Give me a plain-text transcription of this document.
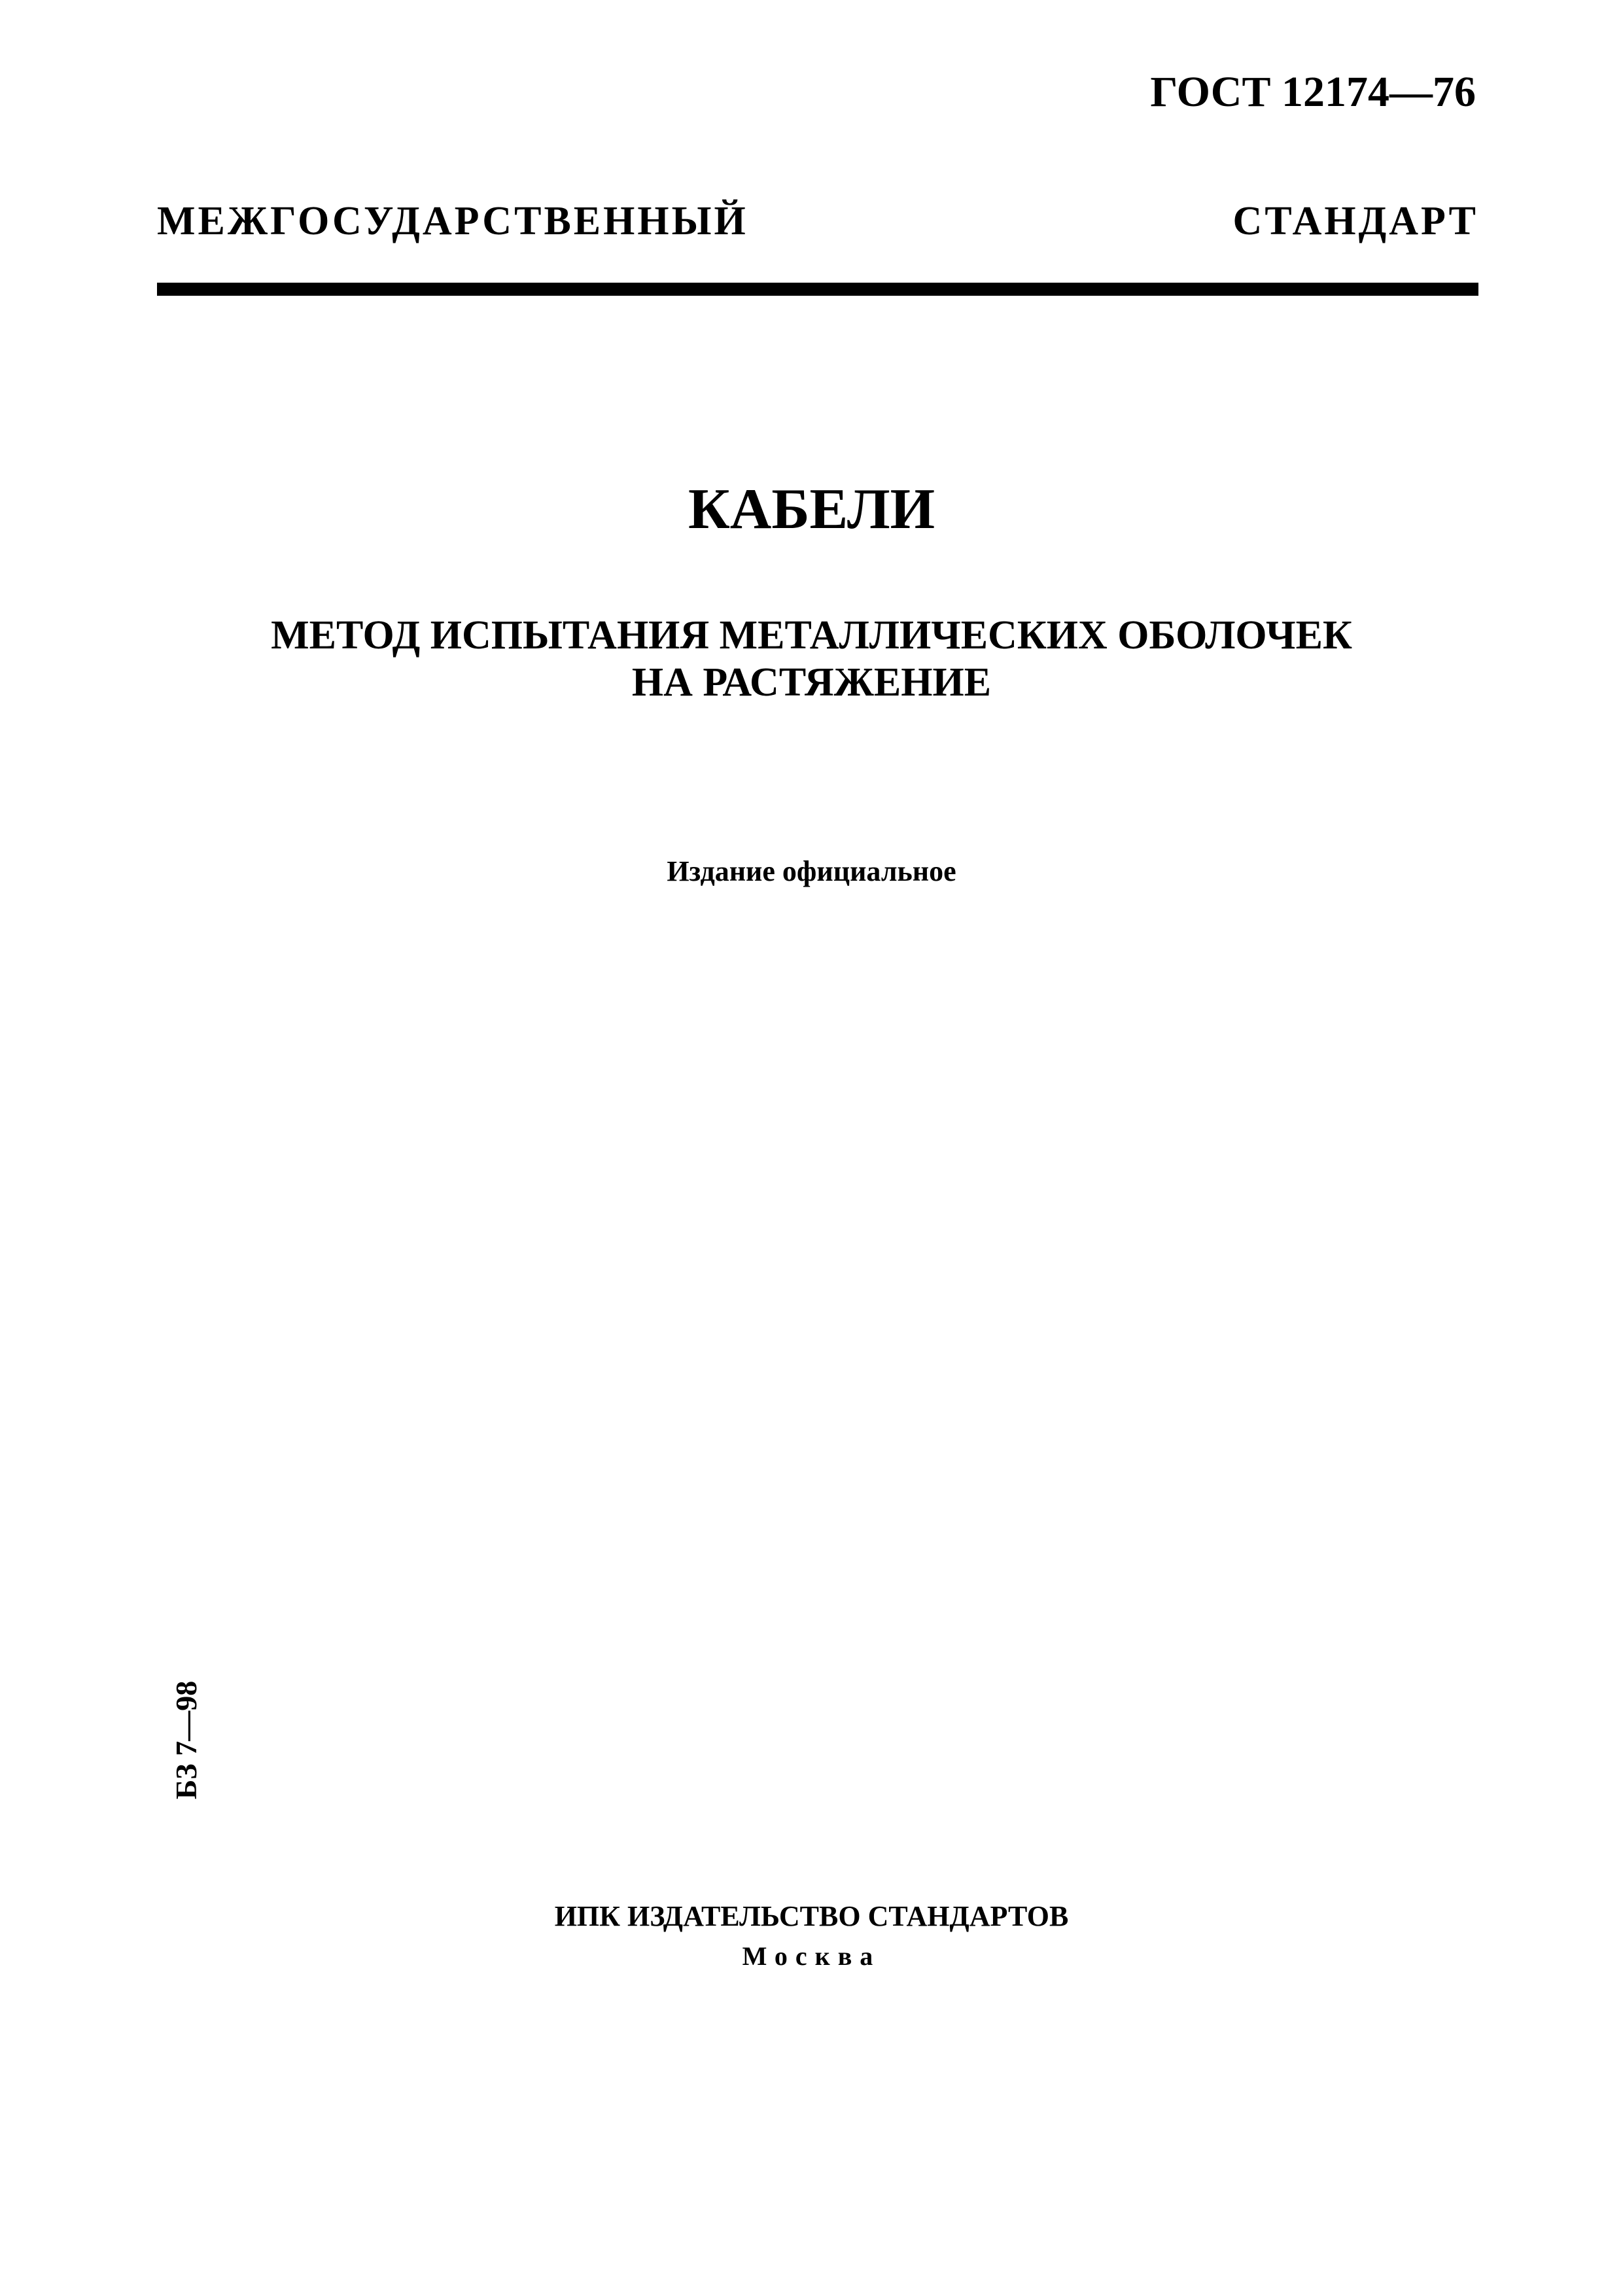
ГОСТ 12174—76
МЕЖГОСУДАРСТВЕННЫЙ СТАНДАРТ
КАБЕЛИ
МЕТОД ИСПЫТАНИЯ МЕТАЛЛИЧЕСКИХ ОБОЛОЧЕК
НА РАСТЯЖЕНИЕ
Издание официальное
БЗ 7—98
ИПК ИЗДАТЕЛЬСТВО СТАНДАРТОВ
Москва
